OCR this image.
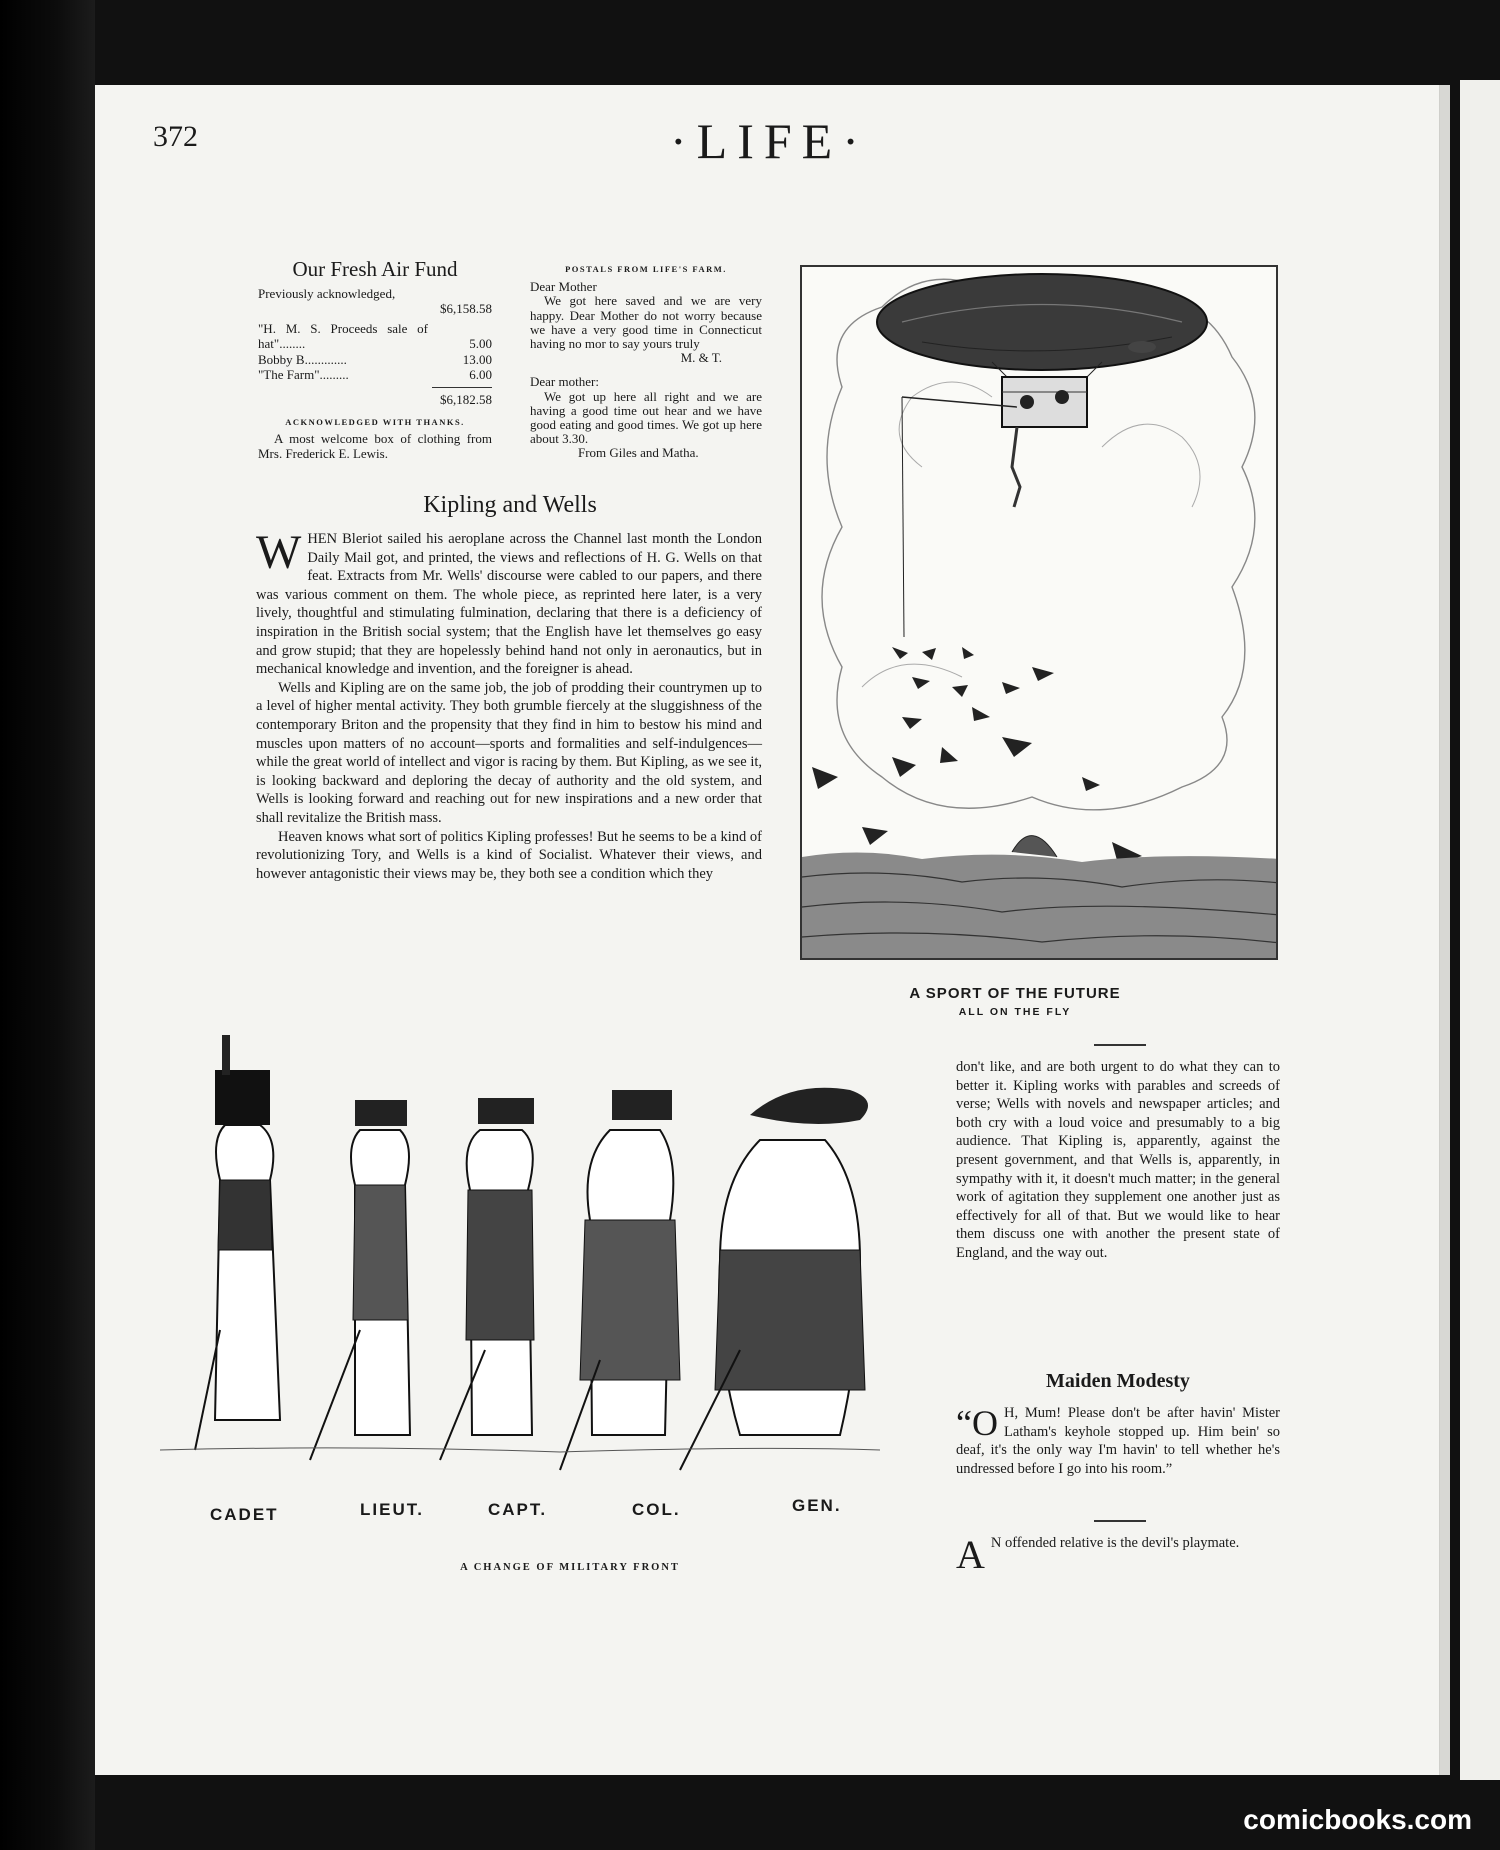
372	·LIFE·
Our Fresh Air Fund
Previously acknowledged,
$6,158.58
"H. M. S. Proceeds sale of hat"........	5.00
Bobby B.............	13.00
"The Farm".........	6.00
$6,182.58
ACKNOWLEDGED WITH THANKS.

A most welcome box of clothing from Mrs. Frederick E. Lewis.

POSTALS FROM LIFE'S FARM.
Dear Mother

We got here saved and we are very happy. Dear Mother do not worry because we have a very good time in Connecticut having no mor to say yours truly

M. & T.
Dear mother:

We got up here all right and we are having a good time out hear and we have good eating and good times. We got up here about 3.30.

From Giles and Matha.
Kipling and Wells

W HEN Bleriot sailed his aeroplane across the Channel last month the London Daily Mail got, and printed, the views and reflections of H. G. Wells on that feat. Extracts from Mr. Wells' discourse were cabled to our papers, and there was various comment on them. The whole piece, as reprinted here later, is a very lively, thoughtful and stimulating fulmination, declaring that there is a deficiency of inspiration in the British social system; that the English have let themselves go easy and grow stupid; that they are hopelessly behind hand not only in aeronautics, but in mechanical knowledge and invention, and the foreigner is ahead.

Wells and Kipling are on the same job, the job of prodding their countrymen up to a level of higher mental activity. They both grumble fiercely at the sluggishness of the contemporary Briton and the propensity that they find in him to bestow his mind and muscles upon matters of no account—sports and formalities and self-indulgences—while the great world of intellect and vigor is racing by them. But Kipling, as we see it, is looking backward and deploring the decay of authority and the old system, and Wells is looking forward and reaching out for new inspirations and a new order that shall revitalize the British mass.

Heaven knows what sort of politics Kipling professes! But he seems to be a kind of revolutionizing Tory, and Wells is a kind of Socialist. Whatever their views, and however antagonistic their views may be, they both see a condition which they

A SPORT OF THE FUTURE
ALL ON THE FLY

don't like, and are both urgent to do what they can to better it. Kipling works with parables and screeds of verse; Wells with novels and newspaper articles; and both cry with a loud voice and presumably to a big audience. That Kipling is, apparently, against the present government, and that Wells is, apparently, in sympathy with it, it doesn't much matter; in the general work of agitation they supplement one another just as effectively for all of that. But we would like to hear them discuss one with another the present state of England, and the way out.

Maiden Modesty

“O H, Mum! Please don't be after havin' Mister Latham's keyhole stopped up. Him bein' so deaf, it's the only way I'm havin' to tell whether he's undressed before I go into his room.”

A N offended relative is the devil's playmate.

CADET	LIEUT.	CAPT.	COL.	GEN.
A CHANGE OF MILITARY FRONT
comicbooks.com
